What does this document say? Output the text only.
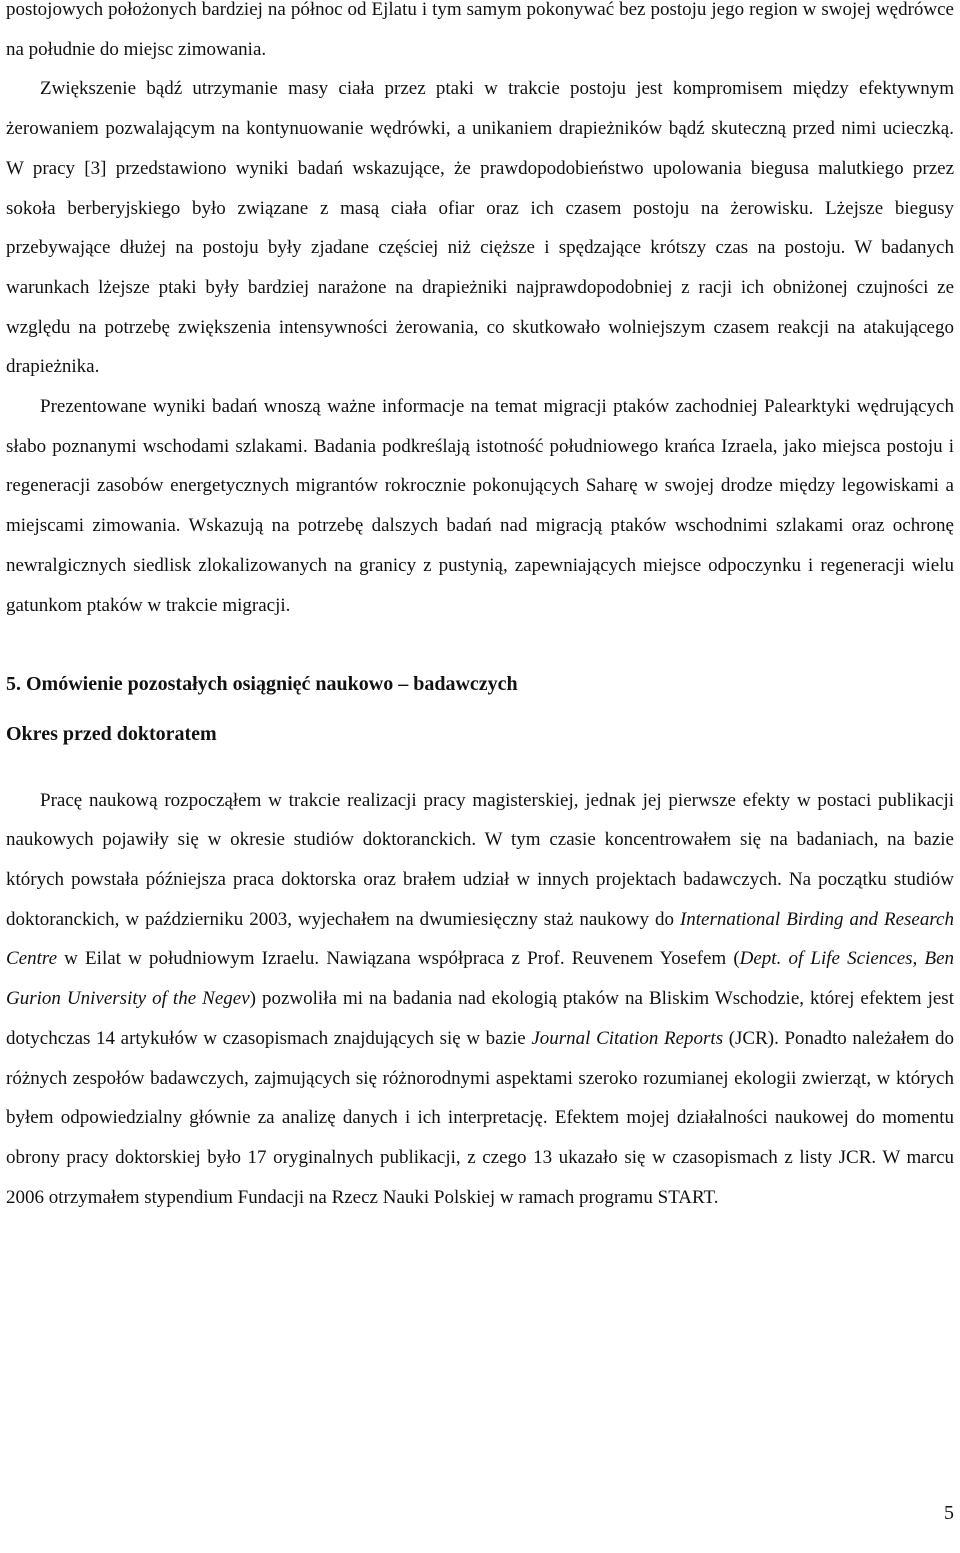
postojowych położonych bardziej na północ od Ejlatu i tym samym pokonywać bez postoju jego region w swojej wędrówce na południe do miejsc zimowania.

Zwiększenie bądź utrzymanie masy ciała przez ptaki w trakcie postoju jest kompromisem między efektywnym żerowaniem pozwalającym na kontynuowanie wędrówki, a unikaniem drapieżników bądź skuteczną przed nimi ucieczką. W pracy [3] przedstawiono wyniki badań wskazujące, że prawdopodobieństwo upolowania biegusa malutkiego przez sokoła berberyjskiego było związane z masą ciała ofiar oraz ich czasem postoju na żerowisku. Lżejsze biegusy przebywające dłużej na postoju były zjadane częściej niż cięższe i spędzające krótszy czas na postoju. W badanych warunkach lżejsze ptaki były bardziej narażone na drapieżniki najprawdopodobniej z racji ich obniżonej czujności ze względu na potrzebę zwiększenia intensywności żerowania, co skutkowało wolniejszym czasem reakcji na atakującego drapieżnika.

Prezentowane wyniki badań wnoszą ważne informacje na temat migracji ptaków zachodniej Palearktyki wędrujących słabo poznanymi wschodami szlakami. Badania podkreślają istotność południowego krańca Izraela, jako miejsca postoju i regeneracji zasobów energetycznych migrantów rokrocznie pokonujących Saharę w swojej drodze między legowiskami a miejscami zimowania. Wskazują na potrzebę dalszych badań nad migracją ptaków wschodnimi szlakami oraz ochronę newralgicznych siedlisk zlokalizowanych na granicy z pustynią, zapewniających miejsce odpoczynku i regeneracji wielu gatunkom ptaków w trakcie migracji.

5. Omówienie pozostałych osiągnięć naukowo – badawczych
Okres przed doktoratem

Pracę naukową rozpocząłem w trakcie realizacji pracy magisterskiej, jednak jej pierwsze efekty w postaci publikacji naukowych pojawiły się w okresie studiów doktoranckich. W tym czasie koncentrowałem się na badaniach, na bazie których powstała późniejsza praca doktorska oraz brałem udział w innych projektach badawczych. Na początku studiów doktoranckich, w październiku 2003, wyjechałem na dwumiesięczny staż naukowy do International Birding and Research Centre w Eilat w południowym Izraelu. Nawiązana współpraca z Prof. Reuvenem Yosefem (Dept. of Life Sciences, Ben Gurion University of the Negev) pozwoliła mi na badania nad ekologią ptaków na Bliskim Wschodzie, której efektem jest dotychczas 14 artykułów w czasopismach znajdujących się w bazie Journal Citation Reports (JCR). Ponadto należałem do różnych zespołów badawczych, zajmujących się różnorodnymi aspektami szeroko rozumianej ekologii zwierząt, w których byłem odpowiedzialny głównie za analizę danych i ich interpretację. Efektem mojej działalności naukowej do momentu obrony pracy doktorskiej było 17 oryginalnych publikacji, z czego 13 ukazało się w czasopismach z listy JCR. W marcu 2006 otrzymałem stypendium Fundacji na Rzecz Nauki Polskiej w ramach programu START.

5
